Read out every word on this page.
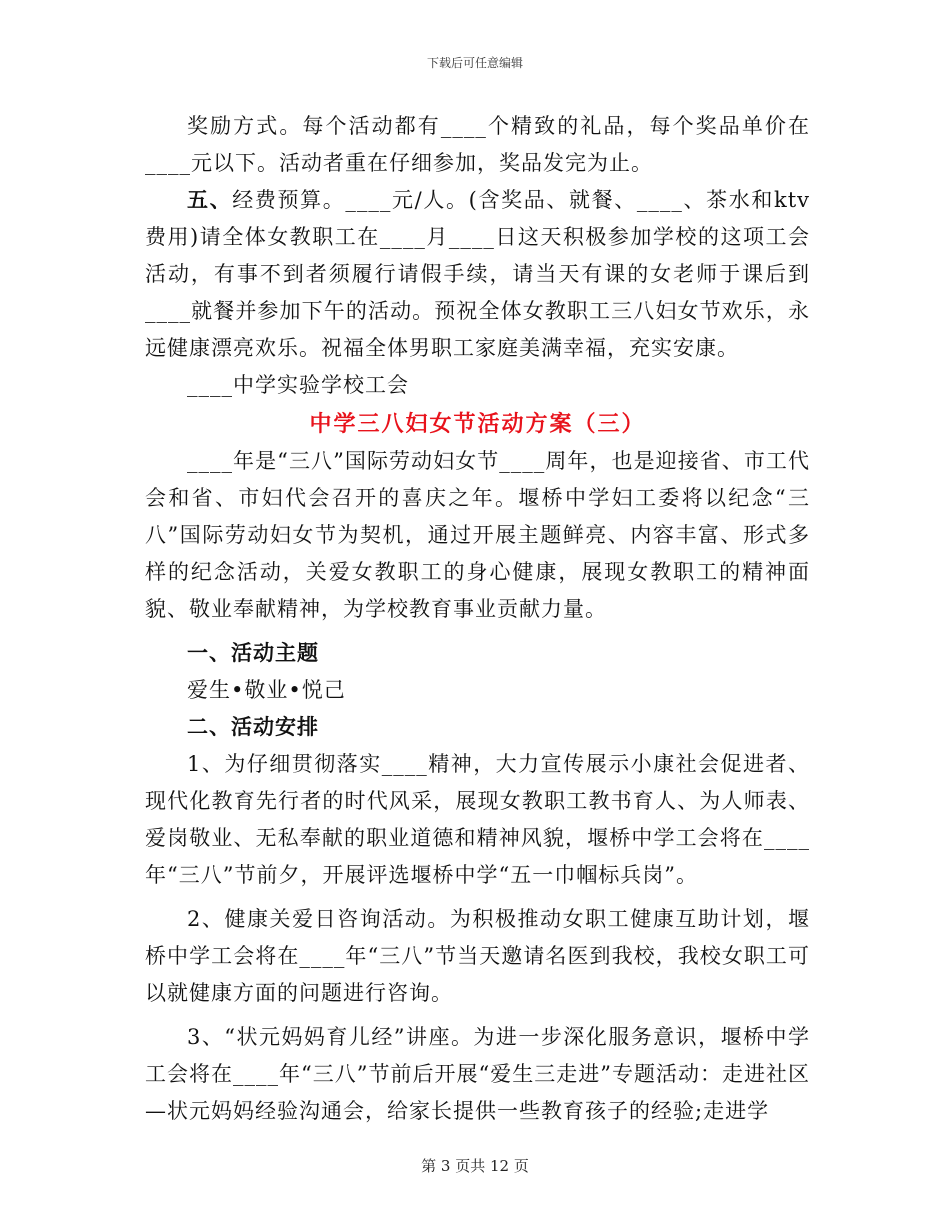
下载后可任意编辑

奖励方式。每个活动都有____个精致的礼品，每个奖品单价在____元以下。活动者重在仔细参加，奖品发完为止。

五、经费预算。____元/人。(含奖品、就餐、____、茶水和ktv费用)请全体女教职工在____月____日这天积极参加学校的这项工会活动，有事不到者须履行请假手续，请当天有课的女老师于课后到____就餐并参加下午的活动。预祝全体女教职工三八妇女节欢乐，永远健康漂亮欢乐。祝福全体男职工家庭美满幸福，充实安康。

____中学实验学校工会

中学三八妇女节活动方案（三）

____年是“三八”国际劳动妇女节____周年，也是迎接省、市工代会和省、市妇代会召开的喜庆之年。堰桥中学妇工委将以纪念“三八”国际劳动妇女节为契机，通过开展主题鲜亮、内容丰富、形式多样的纪念活动，关爱女教职工的身心健康，展现女教职工的精神面貌、敬业奉献精神，为学校教育事业贡献力量。

一、活动主题

爱生•敬业•悦己

二、活动安排

1、为仔细贯彻落实____精神，大力宣传展示小康社会促进者、现代化教育先行者的时代风采，展现女教职工教书育人、为人师表、爱岗敬业、无私奉献的职业道德和精神风貌，堰桥中学工会将在____年“三八”节前夕，开展评选堰桥中学“五一巾帼标兵岗”。

2、健康关爱日咨询活动。为积极推动女职工健康互助计划，堰桥中学工会将在____年“三八”节当天邀请名医到我校，我校女职工可以就健康方面的问题进行咨询。

3、“状元妈妈育儿经”讲座。为进一步深化服务意识，堰桥中学工会将在____年“三八”节前后开展“爱生三走进”专题活动：走进社区—状元妈妈经验沟通会，给家长提供一些教育孩子的经验;走进学

第 3 页共 12 页
